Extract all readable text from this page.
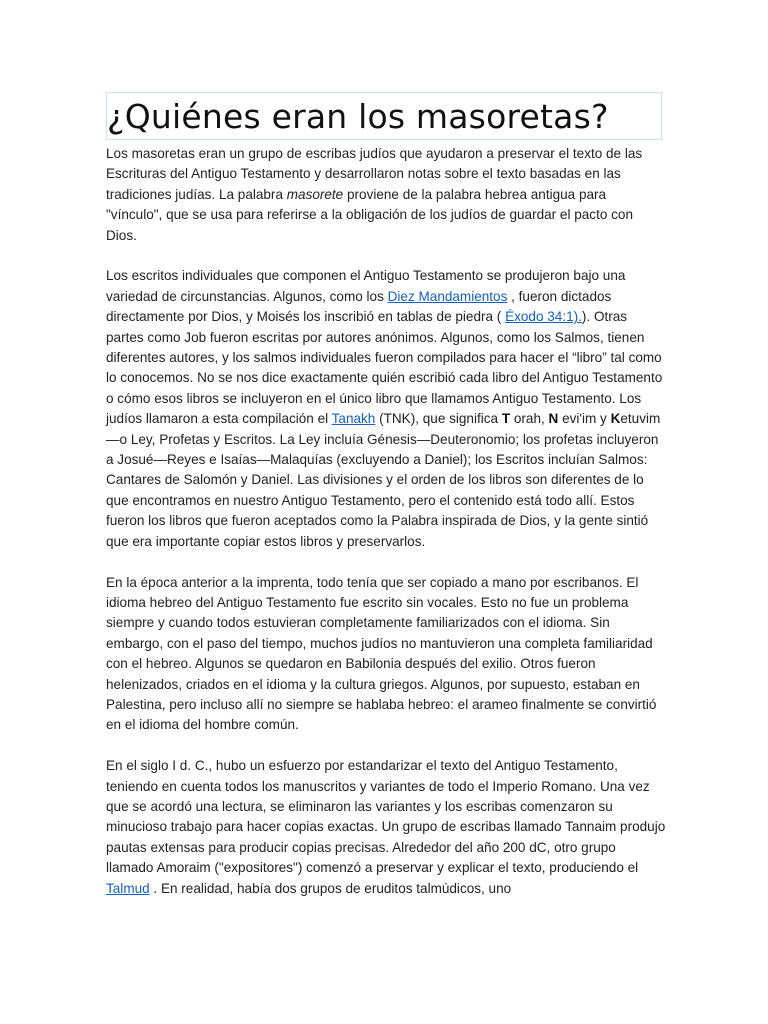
¿Quiénes eran los masoretas?

Los masoretas eran un grupo de escribas judíos que ayudaron a preservar el texto de las Escrituras del Antiguo Testamento y desarrollaron notas sobre el texto basadas en las tradiciones judías. La palabra masorete proviene de la palabra hebrea antigua para "vínculo", que se usa para referirse a la obligación de los judíos de guardar el pacto con Dios.

Los escritos individuales que componen el Antiguo Testamento se produjeron bajo una variedad de circunstancias. Algunos, como los Diez Mandamientos , fueron dictados directamente por Dios, y Moisés los inscribió en tablas de piedra ( Éxodo 34:1).). Otras partes como Job fueron escritas por autores anónimos. Algunos, como los Salmos, tienen diferentes autores, y los salmos individuales fueron compilados para hacer el “libro” tal como lo conocemos. No se nos dice exactamente quién escribió cada libro del Antiguo Testamento o cómo esos libros se incluyeron en el único libro que llamamos Antiguo Testamento. Los judíos llamaron a esta compilación el Tanakh (TNK), que significa T orah, N evi'im y Ketuvim—o Ley, Profetas y Escritos. La Ley incluía Génesis—Deuteronomio; los profetas incluyeron a Josué—Reyes e Isaías—Malaquías (excluyendo a Daniel); los Escritos incluían Salmos: Cantares de Salomón y Daniel. Las divisiones y el orden de los libros son diferentes de lo que encontramos en nuestro Antiguo Testamento, pero el contenido está todo allí. Estos fueron los libros que fueron aceptados como la Palabra inspirada de Dios, y la gente sintió que era importante copiar estos libros y preservarlos.

En la época anterior a la imprenta, todo tenía que ser copiado a mano por escribanos. El idioma hebreo del Antiguo Testamento fue escrito sin vocales. Esto no fue un problema siempre y cuando todos estuvieran completamente familiarizados con el idioma. Sin embargo, con el paso del tiempo, muchos judíos no mantuvieron una completa familiaridad con el hebreo. Algunos se quedaron en Babilonia después del exilio. Otros fueron helenizados, criados en el idioma y la cultura griegos. Algunos, por supuesto, estaban en Palestina, pero incluso allí no siempre se hablaba hebreo: el arameo finalmente se convirtió en el idioma del hombre común.

En el siglo I d. C., hubo un esfuerzo por estandarizar el texto del Antiguo Testamento, teniendo en cuenta todos los manuscritos y variantes de todo el Imperio Romano. Una vez que se acordó una lectura, se eliminaron las variantes y los escribas comenzaron su minucioso trabajo para hacer copias exactas. Un grupo de escribas llamado Tannaim produjo pautas extensas para producir copias precisas. Alrededor del año 200 dC, otro grupo llamado Amoraim ("expositores") comenzó a preservar y explicar el texto, produciendo el Talmud . En realidad, había dos grupos de eruditos talmúdicos, uno
